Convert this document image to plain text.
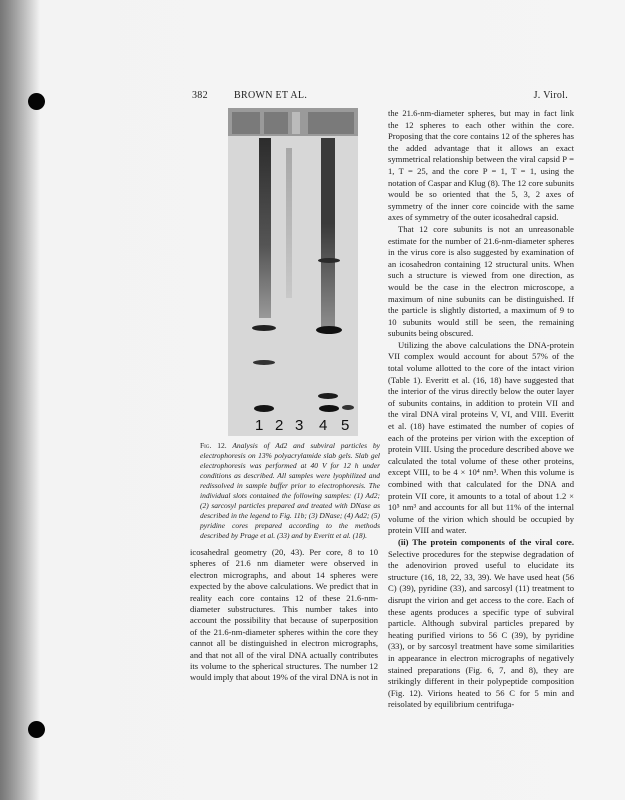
382	BROWN ET AL.	J. Virol.
1 2 3 4 5
Fig. 12. Analysis of Ad2 and subviral particles by electrophoresis on 13% polyacrylamide slab gels. Slab gel electrophoresis was performed at 40 V for 12 h under conditions as described. All samples were lyophilized and redissolved in sample buffer prior to electrophoresis. The individual slots contained the following samples: (1) Ad2; (2) sarcosyl particles prepared and treated with DNase as described in the legend to Fig. 11b; (3) DNase; (4) Ad2; (5) pyridine cores prepared according to the methods described by Prage et al. (33) and by Everitt et al. (18).

icosahedral geometry (20, 43). Per core, 8 to 10 spheres of 21.6 nm diameter were observed in electron micrographs, and about 14 spheres were expected by the above calculations. We predict that in reality each core contains 12 of these 21.6-nm-diameter substructures. This number takes into account the possibility that because of superposition of the 21.6-nm-diameter spheres within the core they cannot all be distinguished in electron micrographs, and that not all of the viral DNA actually contributes its volume to the spherical structures. The number 12 would imply that about 19% of the viral DNA is not in

the 21.6-nm-diameter spheres, but may in fact link the 12 spheres to each other within the core. Proposing that the core contains 12 of the spheres has the added advantage that it allows an exact symmetrical relationship between the viral capsid P = 1, T = 25, and the core P = 1, T = 1, using the notation of Caspar and Klug (8). The 12 core subunits would be so oriented that the 5, 3, 2 axes of symmetry of the inner core coincide with the same axes of symmetry of the outer icosahedral capsid.

That 12 core subunits is not an unreasonable estimate for the number of 21.6-nm-diameter spheres in the virus core is also suggested by examination of an icosahedron containing 12 structural units. When such a structure is viewed from one direction, as would be the case in the electron microscope, a maximum of nine subunits can be distinguished. If the particle is slightly distorted, a maximum of 9 to 10 subunits would still be seen, the remaining subunits being obscured.

Utilizing the above calculations the DNA-protein VII complex would account for about 57% of the total volume allotted to the core of the intact virion (Table 1). Everitt et al. (16, 18) have suggested that the interior of the virus directly below the outer layer of subunits contains, in addition to protein VII and the viral DNA viral proteins V, VI, and VIII. Everitt et al. (18) have estimated the number of copies of each of the proteins per virion with the exception of protein VIII. Using the procedure described above we calculated the total volume of these other proteins, except VIII, to be 4 × 10⁴ nm³. When this volume is combined with that calculated for the DNA and protein VII core, it amounts to a total of about 1.2 × 10⁵ nm³ and accounts for all but 11% of the internal volume of the virion which should be occupied by protein VIII and water.

(ii) The protein components of the viral core. Selective procedures for the stepwise degradation of the adenovirion proved useful to elucidate its structure (16, 18, 22, 33, 39). We have used heat (56 C) (39), pyridine (33), and sarcosyl (11) treatment to disrupt the virion and get access to the core. Each of these agents produces a specific type of subviral particle. Although subviral particles prepared by heating purified virions to 56 C (39), by pyridine (33), or by sarcosyl treatment have some similarities in appearance in electron micrographs of negatively stained preparations (Fig. 6, 7, and 8), they are strikingly different in their polypeptide composition (Fig. 12). Virions heated to 56 C for 5 min and reisolated by equilibrium centrifuga-
